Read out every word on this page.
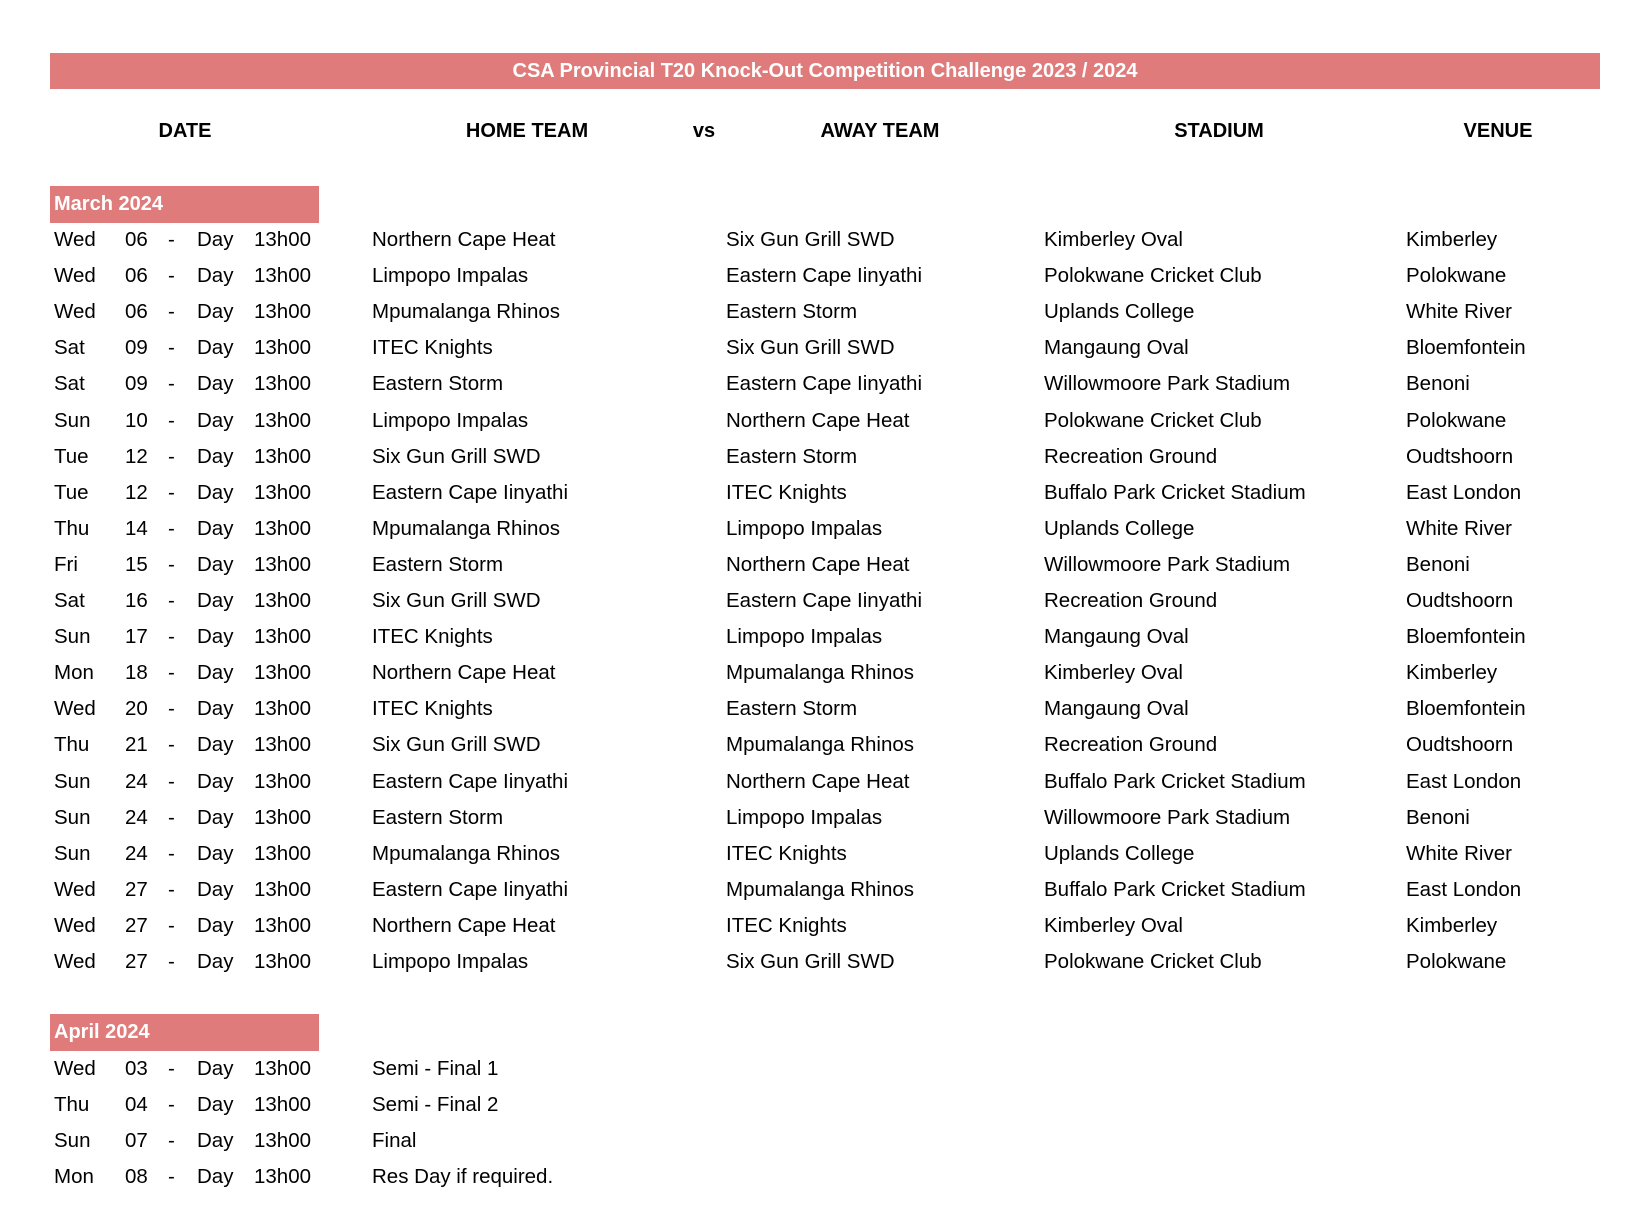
CSA Provincial T20 Knock-Out Competition Challenge 2023 / 2024
DATE	HOME TEAM	vs	AWAY TEAM	STADIUM	VENUE
March 2024
Wed 06 - Day 13h00	Northern Cape Heat	Six Gun Grill SWD	Kimberley Oval	Kimberley
Wed 06 - Day 13h00	Limpopo Impalas	Eastern Cape Iinyathi	Polokwane Cricket Club	Polokwane
Wed 06 - Day 13h00	Mpumalanga Rhinos	Eastern Storm	Uplands College	White River
Sat 09 - Day 13h00	ITEC Knights	Six Gun Grill SWD	Mangaung Oval	Bloemfontein
Sat 09 - Day 13h00	Eastern Storm	Eastern Cape Iinyathi	Willowmoore Park Stadium	Benoni
Sun 10 - Day 13h00	Limpopo Impalas	Northern Cape Heat	Polokwane Cricket Club	Polokwane
Tue 12 - Day 13h00	Six Gun Grill SWD	Eastern Storm	Recreation Ground	Oudtshoorn
Tue 12 - Day 13h00	Eastern Cape Iinyathi	ITEC Knights	Buffalo Park Cricket Stadium	East London
Thu 14 - Day 13h00	Mpumalanga Rhinos	Limpopo Impalas	Uplands College	White River
Fri 15 - Day 13h00	Eastern Storm	Northern Cape Heat	Willowmoore Park Stadium	Benoni
Sat 16 - Day 13h00	Six Gun Grill SWD	Eastern Cape Iinyathi	Recreation Ground	Oudtshoorn
Sun 17 - Day 13h00	ITEC Knights	Limpopo Impalas	Mangaung Oval	Bloemfontein
Mon 18 - Day 13h00	Northern Cape Heat	Mpumalanga Rhinos	Kimberley Oval	Kimberley
Wed 20 - Day 13h00	ITEC Knights	Eastern Storm	Mangaung Oval	Bloemfontein
Thu 21 - Day 13h00	Six Gun Grill SWD	Mpumalanga Rhinos	Recreation Ground	Oudtshoorn
Sun 24 - Day 13h00	Eastern Cape Iinyathi	Northern Cape Heat	Buffalo Park Cricket Stadium	East London
Sun 24 - Day 13h00	Eastern Storm	Limpopo Impalas	Willowmoore Park Stadium	Benoni
Sun 24 - Day 13h00	Mpumalanga Rhinos	ITEC Knights	Uplands College	White River
Wed 27 - Day 13h00	Eastern Cape Iinyathi	Mpumalanga Rhinos	Buffalo Park Cricket Stadium	East London
Wed 27 - Day 13h00	Northern Cape Heat	ITEC Knights	Kimberley Oval	Kimberley
Wed 27 - Day 13h00	Limpopo Impalas	Six Gun Grill SWD	Polokwane Cricket Club	Polokwane
April 2024
Wed 03 - Day 13h00	Semi - Final 1
Thu 04 - Day 13h00	Semi - Final 2
Sun 07 - Day 13h00	Final
Mon 08 - Day 13h00	Res Day if required.
